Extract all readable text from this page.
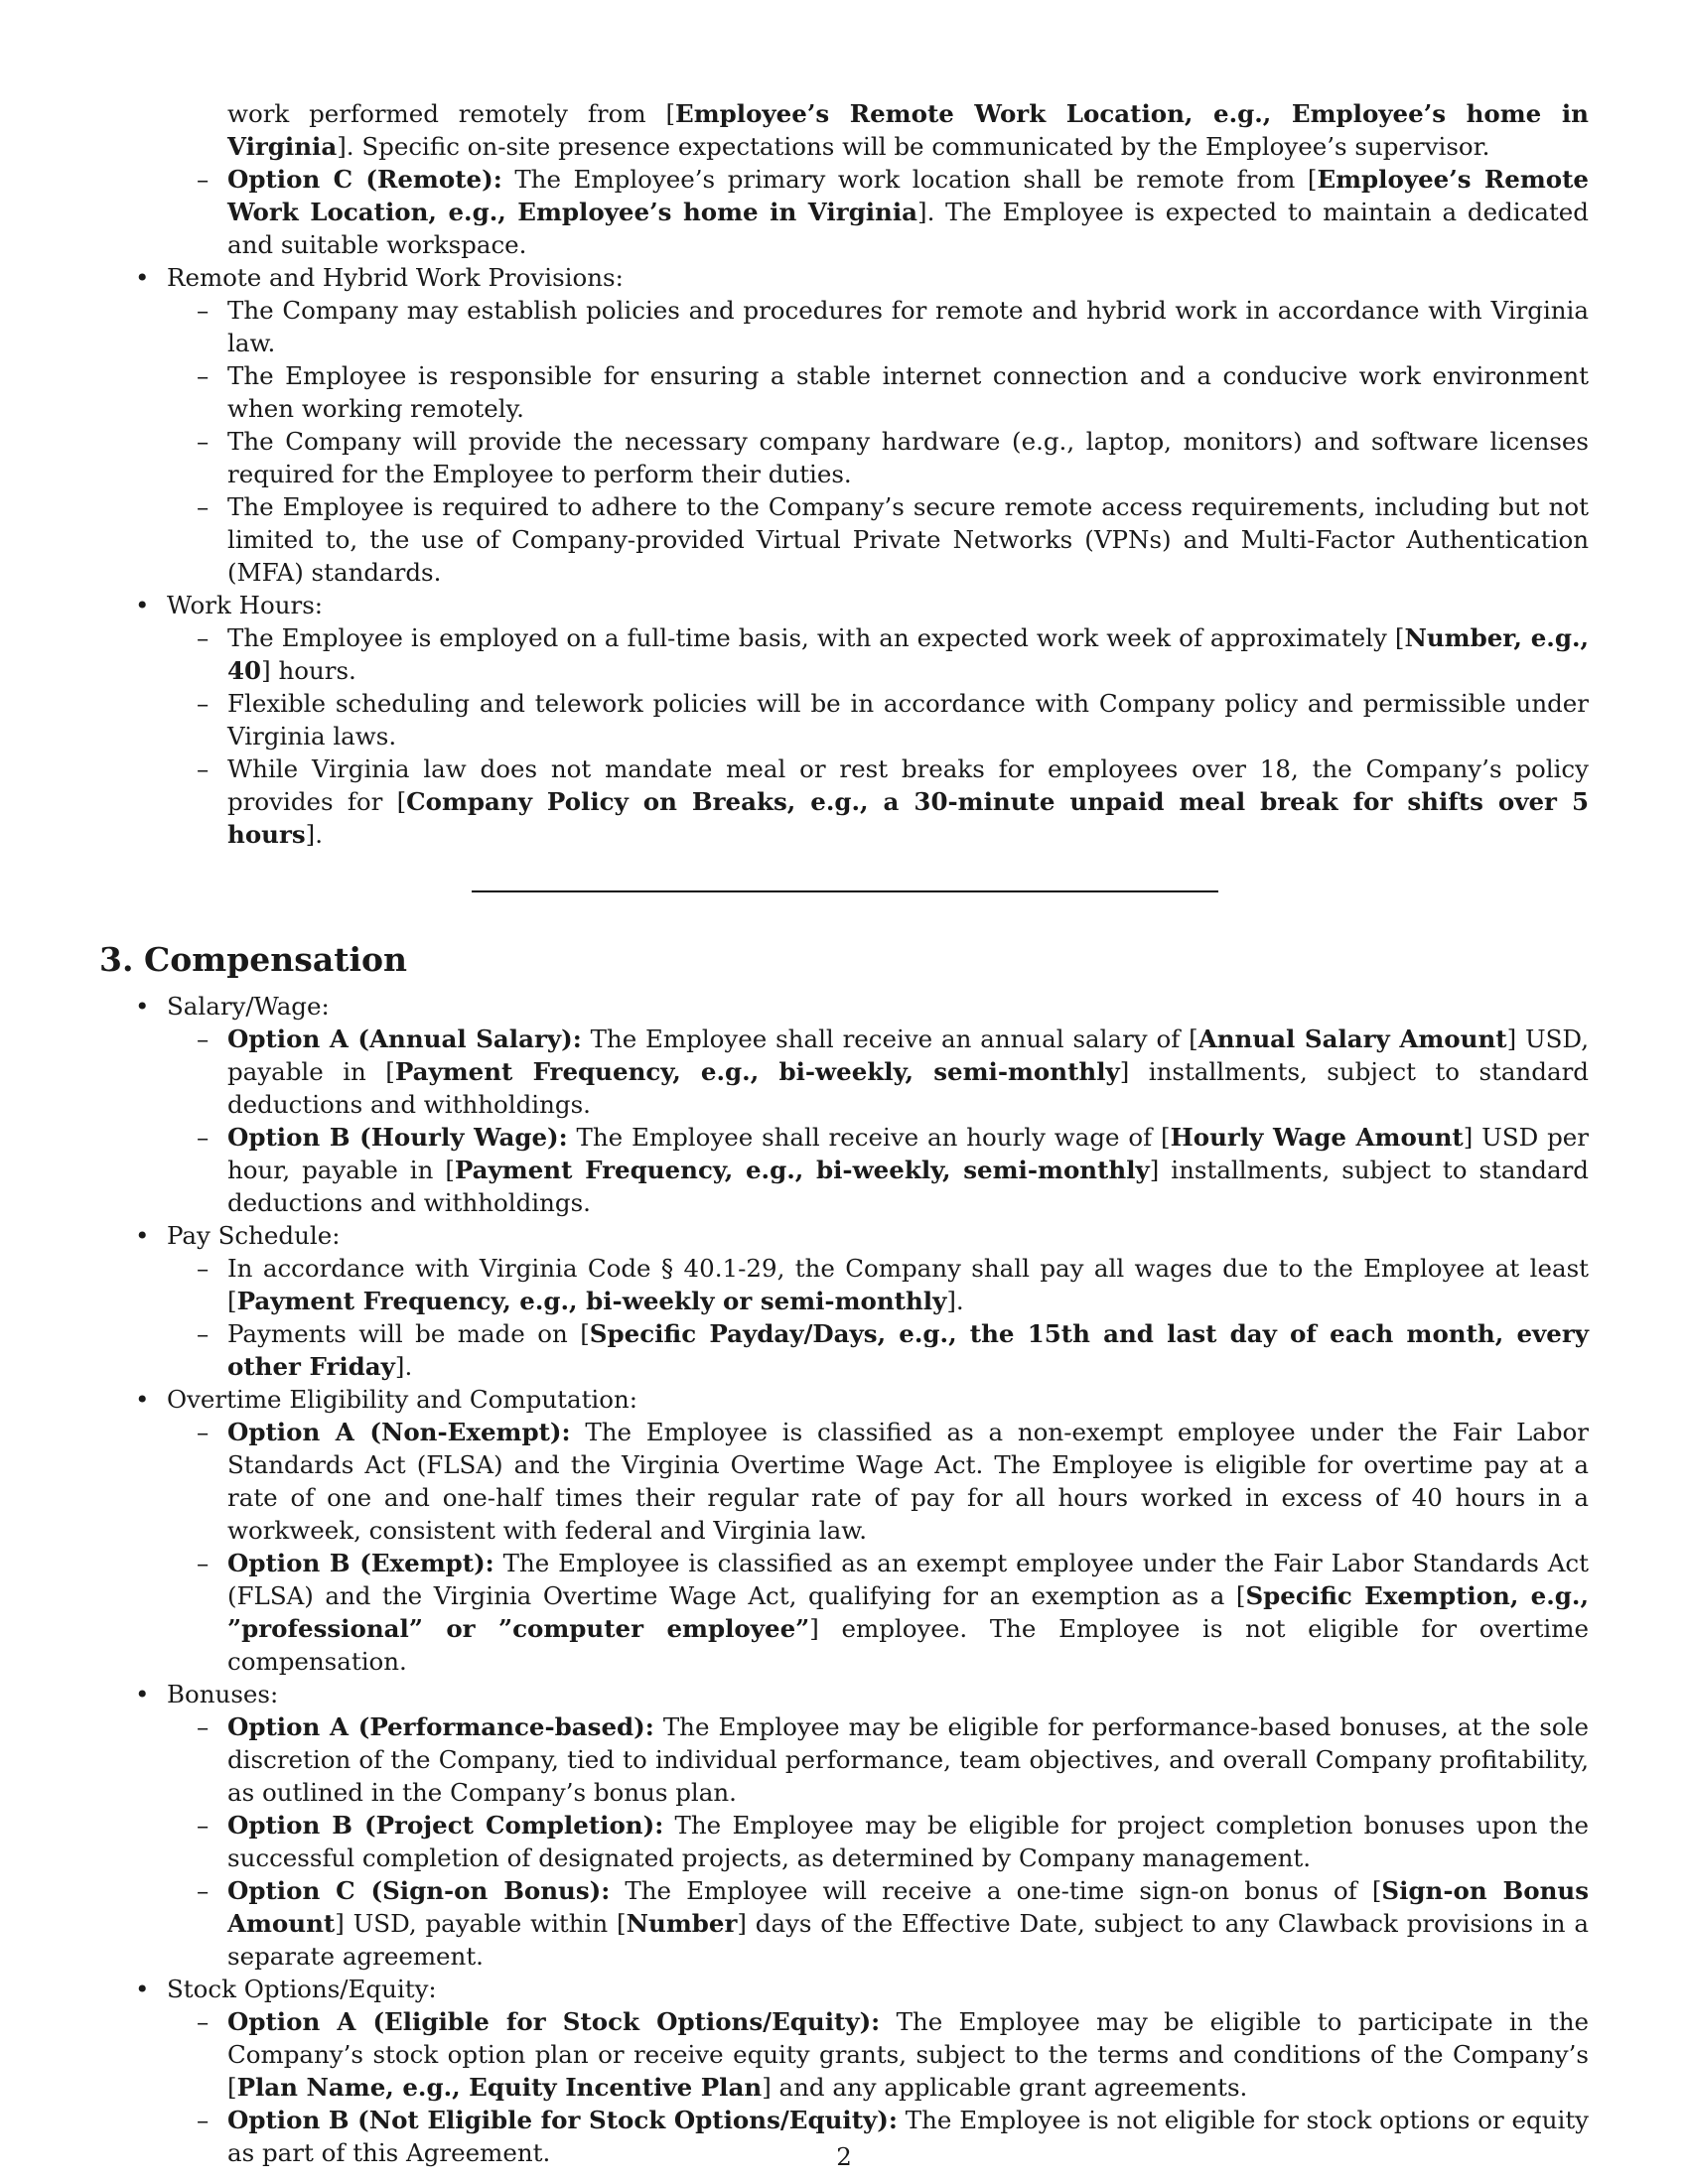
work performed remotely from [Employee’s Remote Work Location, e.g., Employee’s home in Virginia]. Specific on-site presence expectations will be communicated by the Employee’s supervisor.
– Option C (Remote): The Employee’s primary work location shall be remote from [Employee’s Remote Work Location, e.g., Employee’s home in Virginia]. The Employee is expected to maintain a dedicated and suitable workspace.
• Remote and Hybrid Work Provisions:
– The Company may establish policies and procedures for remote and hybrid work in accordance with Virginia law.
– The Employee is responsible for ensuring a stable internet connection and a conducive work environment when working remotely.
– The Company will provide the necessary company hardware (e.g., laptop, monitors) and software licenses required for the Employee to perform their duties.
– The Employee is required to adhere to the Company’s secure remote access requirements, including but not limited to, the use of Company-provided Virtual Private Networks (VPNs) and Multi-Factor Authentication (MFA) standards.
• Work Hours:
– The Employee is employed on a full-time basis, with an expected work week of approximately [Number, e.g., 40] hours.
– Flexible scheduling and telework policies will be in accordance with Company policy and permissible under Virginia laws.
– While Virginia law does not mandate meal or rest breaks for employees over 18, the Company’s policy provides for [Company Policy on Breaks, e.g., a 30-minute unpaid meal break for shifts over 5 hours].
3. Compensation
• Salary/Wage:
– Option A (Annual Salary): The Employee shall receive an annual salary of [Annual Salary Amount] USD, payable in [Payment Frequency, e.g., bi-weekly, semi-monthly] installments, subject to standard deductions and withholdings.
– Option B (Hourly Wage): The Employee shall receive an hourly wage of [Hourly Wage Amount] USD per hour, payable in [Payment Frequency, e.g., bi-weekly, semi-monthly] installments, subject to standard deductions and withholdings.
• Pay Schedule:
– In accordance with Virginia Code § 40.1-29, the Company shall pay all wages due to the Employee at least [Payment Frequency, e.g., bi-weekly or semi-monthly].
– Payments will be made on [Specific Payday/Days, e.g., the 15th and last day of each month, every other Friday].
• Overtime Eligibility and Computation:
– Option A (Non-Exempt): The Employee is classified as a non-exempt employee under the Fair Labor Standards Act (FLSA) and the Virginia Overtime Wage Act. The Employee is eligible for overtime pay at a rate of one and one-half times their regular rate of pay for all hours worked in excess of 40 hours in a workweek, consistent with federal and Virginia law.
– Option B (Exempt): The Employee is classified as an exempt employee under the Fair Labor Standards Act (FLSA) and the Virginia Overtime Wage Act, qualifying for an exemption as a [Specific Exemption, e.g., ”professional” or ”computer employee”] employee. The Employee is not eligible for overtime compensation.
• Bonuses:
– Option A (Performance-based): The Employee may be eligible for performance-based bonuses, at the sole discretion of the Company, tied to individual performance, team objectives, and overall Company profitability, as outlined in the Company’s bonus plan.
– Option B (Project Completion): The Employee may be eligible for project completion bonuses upon the successful completion of designated projects, as determined by Company management.
– Option C (Sign-on Bonus): The Employee will receive a one-time sign-on bonus of [Sign-on Bonus Amount] USD, payable within [Number] days of the Effective Date, subject to any Clawback provisions in a separate agreement.
• Stock Options/Equity:
– Option A (Eligible for Stock Options/Equity): The Employee may be eligible to participate in the Company’s stock option plan or receive equity grants, subject to the terms and conditions of the Company’s [Plan Name, e.g., Equity Incentive Plan] and any applicable grant agreements.
– Option B (Not Eligible for Stock Options/Equity): The Employee is not eligible for stock options or equity as part of this Agreement.	2
